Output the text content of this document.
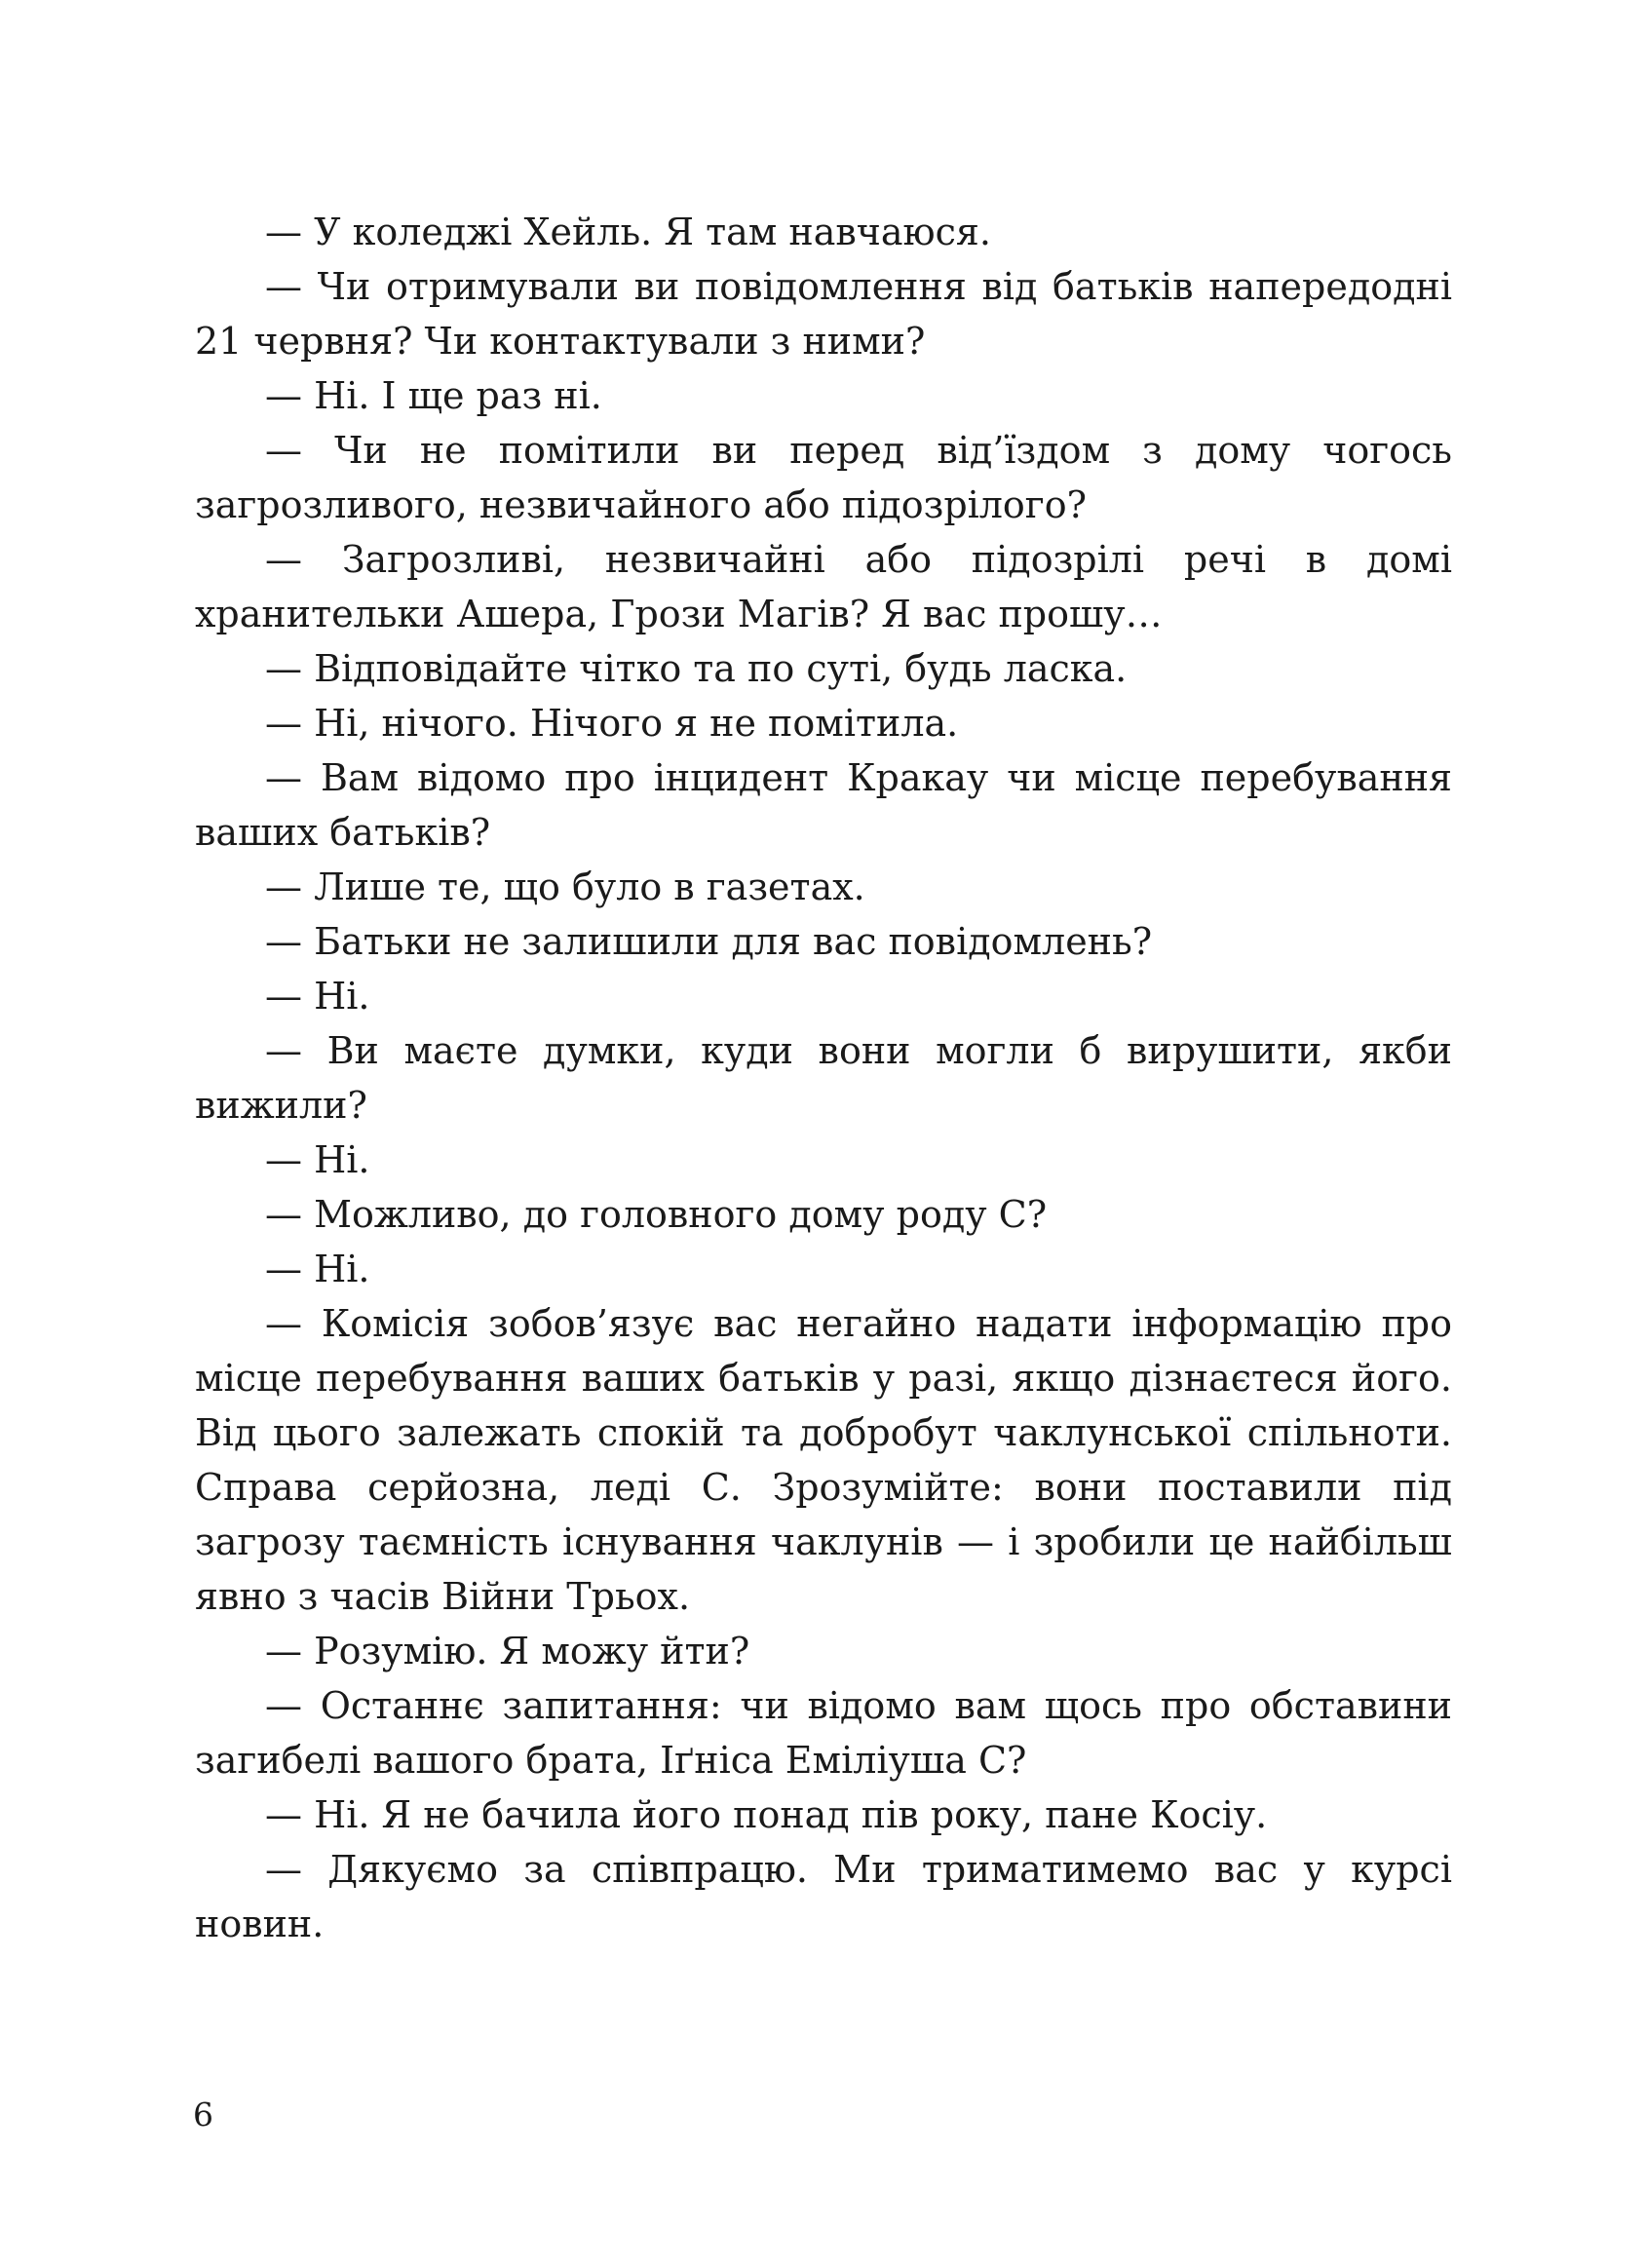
— У коледжі Хейль. Я там навчаюся.

— Чи отримували ви повідомлення від батьків напередодні 21 червня? Чи контактували з ними?

— Ні. І ще раз ні.

— Чи не помітили ви перед від’їздом з дому чогось загрозливого, незвичайного або підозрілого?

— Загрозливі, незвичайні або підозрілі речі в домі хранительки Ашера, Грози Магів? Я вас прошу…

— Відповідайте чітко та по суті, будь ласка.

— Ні, нічого. Нічого я не помітила.

— Вам відомо про інцидент Кракау чи місце перебування ваших батьків?

— Лише те, що було в газетах.

— Батьки не залишили для вас повідомлень?

— Ні.

— Ви маєте думки, куди вони могли б вирушити, якби вижили?

— Ні.

— Можливо, до головного дому роду С?

— Ні.

— Комісія зобов’язує вас негайно надати інформацію про місце перебування ваших батьків у разі, якщо дізнаєтеся його. Від цього залежать спокій та добробут чаклунської спільноти. Справа серйозна, леді С. Зрозумійте: вони поставили під загрозу таємність існування чаклунів — і зробили це найбільш явно з часів Війни Трьох.

— Розумію. Я можу йти?

— Останнє запитання: чи відомо вам щось про обставини загибелі вашого брата, Іґніса Еміліуша С?

— Ні. Я не бачила його понад пів року, пане Косіу.

— Дякуємо за співпрацю. Ми триматимемо вас у курсі новин.

6
